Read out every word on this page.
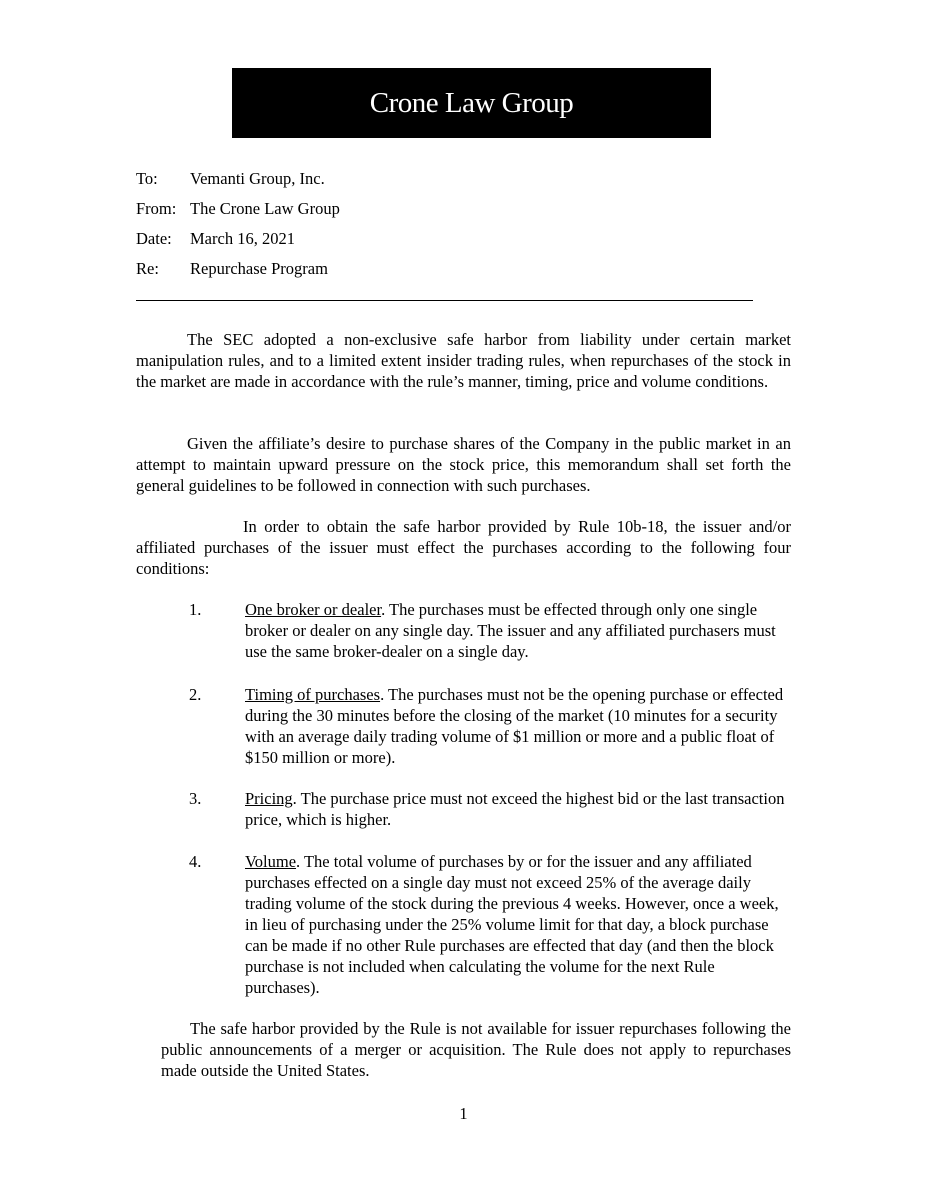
Crone Law Group
To:	Vemanti Group, Inc.
From: The Crone Law Group
Date:	March 16, 2021
Re:	Repurchase Program

The SEC adopted a non-exclusive safe harbor from liability under certain market manipulation rules, and to a limited extent insider trading rules, when repurchases of the stock in the market are made in accordance with the rule’s manner, timing, price and volume conditions.

Given the affiliate’s desire to purchase shares of the Company in the public market in an attempt to maintain upward pressure on the stock price, this memorandum shall set forth the general guidelines to be followed in connection with such purchases.

In order to obtain the safe harbor provided by Rule 10b-18, the issuer and/or affiliated purchases of the issuer must effect the purchases according to the following four conditions:

1.	One broker or dealer. The purchases must be effected through only one single broker or dealer on any single day. The issuer and any affiliated purchasers must use the same broker-dealer on a single day.
2.	Timing of purchases. The purchases must not be the opening purchase or effected during the 30 minutes before the closing of the market (10 minutes for a security with an average daily trading volume of $1 million or more and a public float of $150 million or more).
3.	Pricing. The purchase price must not exceed the highest bid or the last transaction price, which is higher.
4.	Volume. The total volume of purchases by or for the issuer and any affiliated purchases effected on a single day must not exceed 25% of the average daily trading volume of the stock during the previous 4 weeks. However, once a week, in lieu of purchasing under the 25% volume limit for that day, a block purchase can be made if no other Rule purchases are effected that day (and then the block purchase is not included when calculating the volume for the next Rule purchases).

The safe harbor provided by the Rule is not available for issuer repurchases following the public announcements of a merger or acquisition. The Rule does not apply to repurchases made outside the United States.

1
